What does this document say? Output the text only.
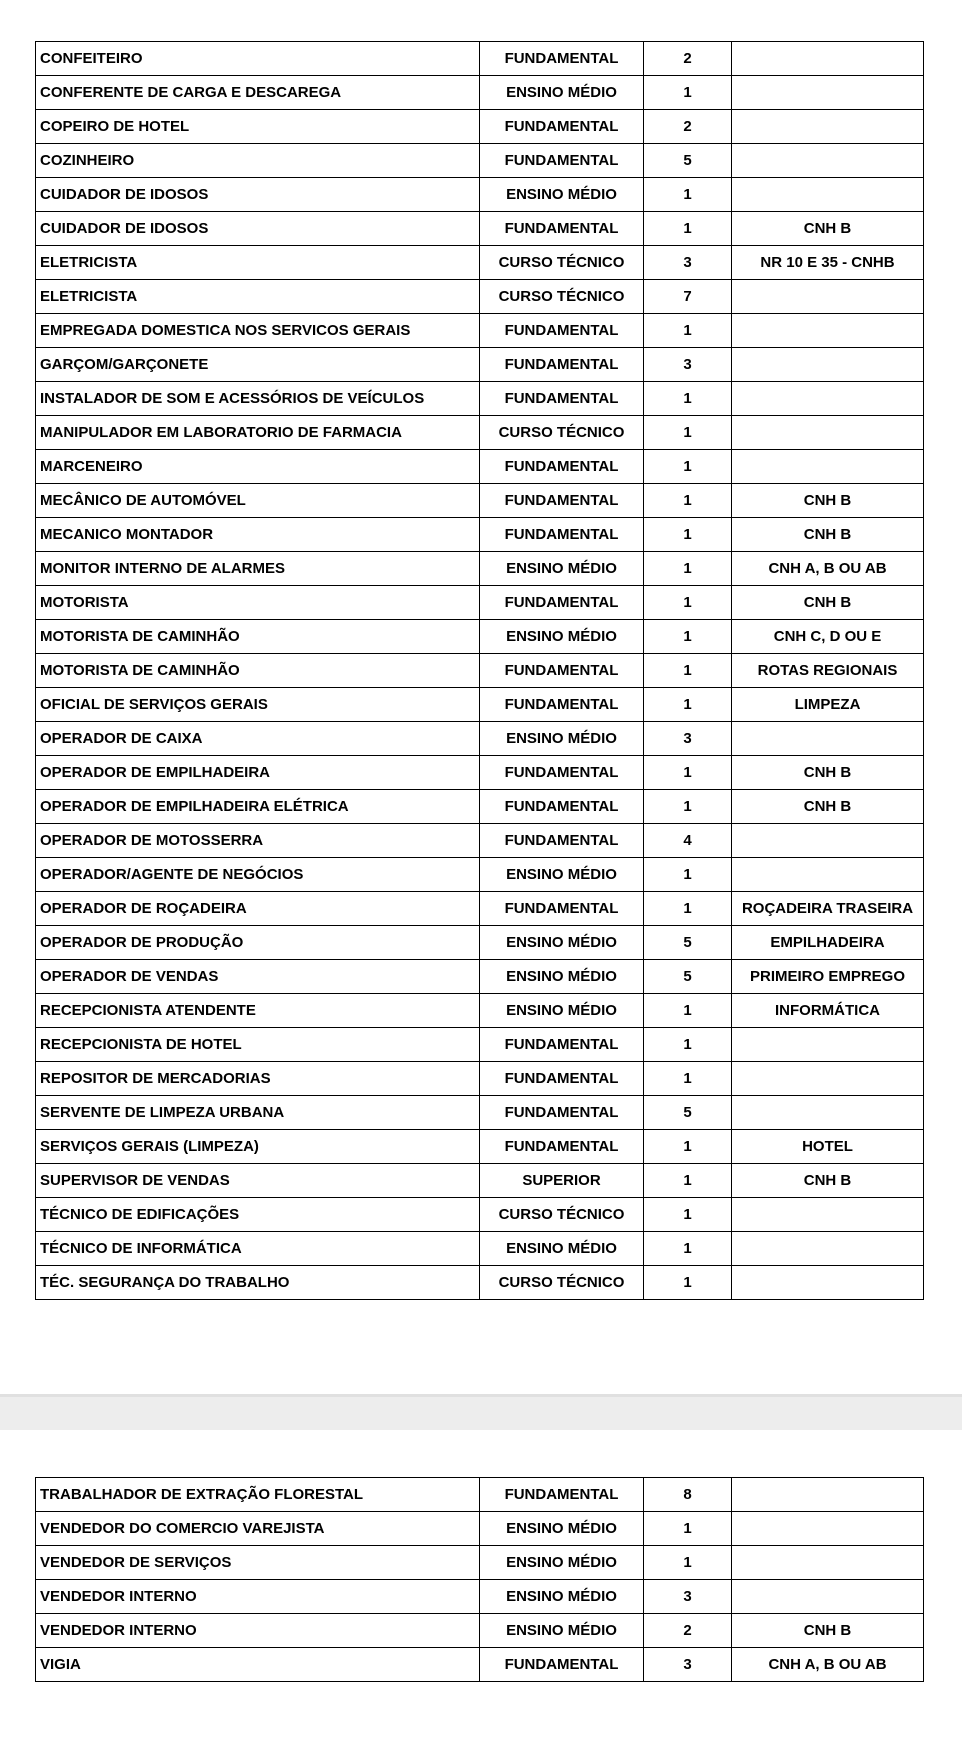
CONFEITEIRO	FUNDAMENTAL	2	
CONFERENTE DE CARGA E DESCAREGA	ENSINO MÉDIO	1	
COPEIRO DE HOTEL	FUNDAMENTAL	2	
COZINHEIRO	FUNDAMENTAL	5	
CUIDADOR DE IDOSOS	ENSINO MÉDIO	1	
CUIDADOR DE IDOSOS	FUNDAMENTAL	1	CNH B
ELETRICISTA	CURSO TÉCNICO	3	NR 10 E 35 - CNHB
ELETRICISTA	CURSO TÉCNICO	7	
EMPREGADA DOMESTICA NOS SERVICOS GERAIS	FUNDAMENTAL	1	
GARÇOM/GARÇONETE	FUNDAMENTAL	3	
INSTALADOR DE SOM E ACESSÓRIOS DE VEÍCULOS	FUNDAMENTAL	1	
MANIPULADOR EM LABORATORIO DE FARMACIA	CURSO TÉCNICO	1	
MARCENEIRO	FUNDAMENTAL	1	
MECÂNICO DE AUTOMÓVEL	FUNDAMENTAL	1	CNH B
MECANICO MONTADOR	FUNDAMENTAL	1	CNH B
MONITOR INTERNO DE ALARMES	ENSINO MÉDIO	1	CNH A, B OU AB
MOTORISTA	FUNDAMENTAL	1	CNH B
MOTORISTA DE CAMINHÃO	ENSINO MÉDIO	1	CNH C, D OU E
MOTORISTA DE CAMINHÃO	FUNDAMENTAL	1	ROTAS REGIONAIS
OFICIAL DE SERVIÇOS GERAIS	FUNDAMENTAL	1	LIMPEZA
OPERADOR DE CAIXA	ENSINO MÉDIO	3	
OPERADOR DE EMPILHADEIRA	FUNDAMENTAL	1	CNH B
OPERADOR DE EMPILHADEIRA ELÉTRICA	FUNDAMENTAL	1	CNH B
OPERADOR DE MOTOSSERRA	FUNDAMENTAL	4	
OPERADOR/AGENTE DE NEGÓCIOS	ENSINO MÉDIO	1	
OPERADOR DE ROÇADEIRA	FUNDAMENTAL	1	ROÇADEIRA TRASEIRA
OPERADOR DE PRODUÇÃO	ENSINO MÉDIO	5	EMPILHADEIRA
OPERADOR DE VENDAS	ENSINO MÉDIO	5	PRIMEIRO EMPREGO
RECEPCIONISTA ATENDENTE	ENSINO MÉDIO	1	INFORMÁTICA
RECEPCIONISTA DE HOTEL	FUNDAMENTAL	1	
REPOSITOR DE MERCADORIAS	FUNDAMENTAL	1	
SERVENTE DE LIMPEZA URBANA	FUNDAMENTAL	5	
SERVIÇOS GERAIS (LIMPEZA)	FUNDAMENTAL	1	HOTEL
SUPERVISOR DE VENDAS	SUPERIOR	1	CNH B
TÉCNICO DE EDIFICAÇÕES	CURSO TÉCNICO	1	
TÉCNICO DE INFORMÁTICA	ENSINO MÉDIO	1	
TÉC. SEGURANÇA DO TRABALHO	CURSO TÉCNICO	1	
TRABALHADOR DE EXTRAÇÃO FLORESTAL	FUNDAMENTAL	8	
VENDEDOR DO COMERCIO VAREJISTA	ENSINO MÉDIO	1	
VENDEDOR DE SERVIÇOS	ENSINO MÉDIO	1	
VENDEDOR INTERNO	ENSINO MÉDIO	3	
VENDEDOR INTERNO	ENSINO MÉDIO	2	CNH B
VIGIA	FUNDAMENTAL	3	CNH A, B OU AB
